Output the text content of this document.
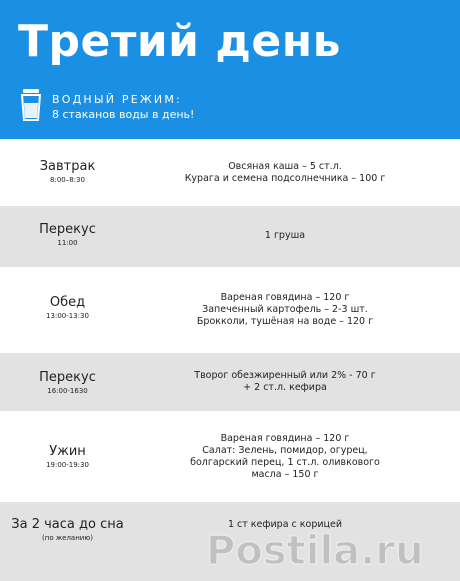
Третий день
ВОДНЫЙ РЕЖИМ:
8 стаканов воды в день!
Завтрак
8:00–8:30
Овсяная каша – 5 ст.л.
Курага и семена подсолнечника – 100 г
Перекус
11:00
1 груша
Обед
13:00-13:30
Вареная говядина – 120 г
Запеченный картофель – 2-3 шт.
Брокколи, тушёная на воде – 120 г
Перекус
16:00-1630
Творог обезжиренный или 2% - 70 г
+ 2 ст.л. кефира
Ужин
19:00-19:30
Вареная говядина – 120 г
Салат: Зелень, помидор, огурец,
болгарский перец, 1 ст.л. оливкового
масла – 150 г
За 2 часа до сна
(по желанию)
1 ст кефира с корицей
Postila.ru
